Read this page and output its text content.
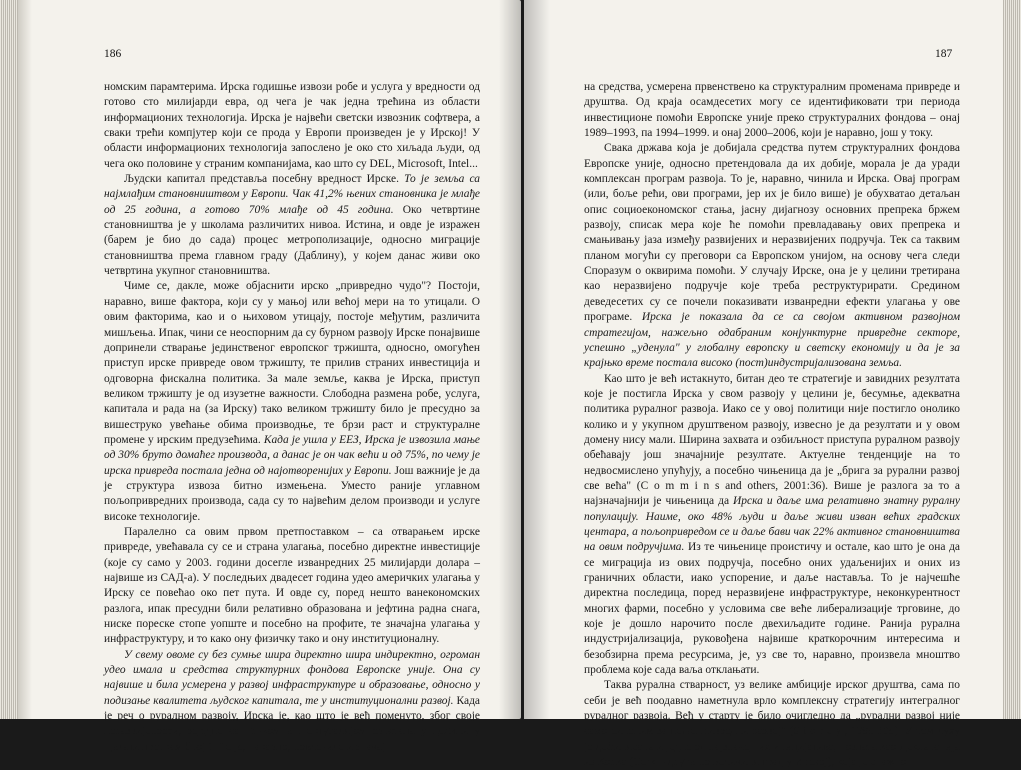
186

номским парамтерима. Ирска годишње извози робе и услуга у вредности од готово сто милијарди евра, од чега је чак једна трећина из области информационих технологија. Ирска је највећи светски извозник софтвера, а сваки трећи компјутер који се прода у Европи произведен је у Ирској! У области информационих технологија запослено је око сто хиљада људи, од чега око половине у страним компанијама, као што су DEL, Microsoft, Intel...

Људски капитал представља посебну вредност Ирске. То је земља са најмлађим становништвом у Европи. Чак 41,2% њених становника је млађе од 25 година, а готово 70% млађе од 45 година. Око четвртине становништва је у школама различитих нивоа. Истина, и овде је изражен (барем је био до сада) процес метрополизације, односно миграције становништва према главном граду (Даблину), у којем данас живи око четвртина укупног становништва.

Чиме се, дакле, може објаснити ирско „привредно чудо"? Постоји, наравно, више фактора, који су у мањој или већој мери на то утицали. О овим факторима, као и о њиховом утицају, постоје међутим, различита мишљења. Ипак, чини се неоспорним да су бурном развоју Ирске понајвише допринели стварање јединственог европског тржишта, односно, омогућен приступ ирске привреде овом тржишту, те прилив страних инвестиција и одговорна фискална политика. За мале земље, каква је Ирска, приступ великом тржишту је од изузетне важности. Слободна размена робе, услуга, капитала и рада на (за Ирску) тако великом тржишту било је пресудно за вишеструко увећање обима производње, те брзи раст и структуралне промене у ирским предузећима. Када је ушла у ЕЕЗ, Ирска је извозила мање од 30% бруто домаћег производа, а данас је он чак већи и од 75%, по чему је ирска привреда постала једна од најотворенијих у Европи. Још важније је да је структура извоза битно измењена. Уместо раније углавном пољопривредних производа, сада су то највећим делом производи и услуге високе технологије.

Паралелно са овим првом претпоставком – са отварањем ирске привреде, увећавала су се и страна улагања, посебно директне инвестиције (које су само у 2003. години досегле изванредних 25 милијарди долара – највише из САД-а). У последњих двадесет година удео америчких улагања у Ирску се повећао око пет пута. И овде су, поред нешто ванекономских разлога, ипак пресудни били релативно образована и јефтина радна снага, ниске пореске стопе уопште и посебно на профите, те значајна улагања у инфраструктуру, и то како ону физичку тако и ону институционалну.

У свему овоме су без сумње шира директно шира индиректно, огроман удео имала и средства структурних фондова Европске уније. Она су највише и била усмерена у развој инфраструктуре и образовање, односно у подизање квалитета људског капитала, те у институционални развој. Када је реч о руралном развоју, Ирска је, као што је већ поменуто, због своје неразвијености, заједно са Грчком и Португалијом сврстана у целини у Циљни програм број 1. То је, наравно, повлачило и значај-

187

на средства, усмерена првенствено ка структуралним променама привреде и друштва. Од краја осамдесетих могу се идентификовати три периода инвестиционе помоћи Европске уније преко структуралних фондова – онај 1989–1993, па 1994–1999. и онај 2000–2006, који је наравно, још у току.

Свака држава која је добијала средства путем структуралних фондова Европске уније, односно претендовала да их добије, морала је да уради комплексан програм развоја. То је, наравно, чинила и Ирска. Овај програм (или, боље рећи, ови програми, јер их је било више) је обухватао детаљан опис социоекономског стања, јасну дијагнозу основних препрека бржем развоју, списак мера које ће помоћи превладавању ових препрека и смањивању јаза између развијених и неразвијених подручја. Тек са таквим планом могући су преговори са Европском унијом, на основу чега следи Споразум о оквирима помоћи. У случају Ирске, она је у целини третирана као неразвијено подручје које треба реструктурирати. Средином деведесетих су се почели показивати изванредни ефекти улагања у ове програме. Ирска је показала да се са својом активном развојном стратегијом, нажељно одабраним конјунктурне привредне секторе, успешно „уденула" у глобалну европску и светску економију и да је за крајњко време постала високо (пост)индустријализована земља.

Као што је већ истакнуто, битан део те стратегије и завидних резултата које је постигла Ирска у свом развоју у целини је, бесумње, адекватна политика руралног развоја. Иако се у овој политици није постигло онолико колико и у укупном друштвеном развоју, извесно је да резултати и у овом домену нису мали. Ширина захвата и озбиљност приступа руралном развоју обећавају још значајније резултате. Актуелне тенденције на то недвосмислено упућују, а посебно чињеница да је „брига за рурални развој све већа" (C o m m i n s and others, 2001:36). Више је разлога за то а најзначајнији је чињеница да Ирска и даље има релативно знатну руралну популацију. Наиме, око 48% људи и даље живи изван већих градских центара, а пољопривредом се и даље бави чак 22% активног становништва на овим подручјима. Из те чињенице проистичу и остале, као што је она да се миграција из ових подручја, посебно оних удаљенијих и оних из граничних области, иако успорение, и даље наставља. То је најчешће директна последица, поред неразвијене инфраструктуре, неконкурентност многих фарми, посебно у условима све веће либерализације трговине, до које је дошло нарочито после двехиљадите године. Ранија рурална индустријализација, руковођена највише краткорочним интересима и безобзирна према ресурсима, је, уз све то, наравно, произвела мноштво проблема које сада ваља отклањати.

Таква рурална стварност, уз велике амбиције ирског друштва, сама по себи је већ поодавно наметнула врло комплексну стратегију интегралног руралног развоја. Већ у старту је било очигледно да „рурални развој није само синоним за пољопривредни развој" (S t o r e y , 1999:308). У том духу је дефинисана и једна од најзначајних иницијатива, позната као Декларација из Корка (Cork – други по величини град у Ирској), која је снажно
